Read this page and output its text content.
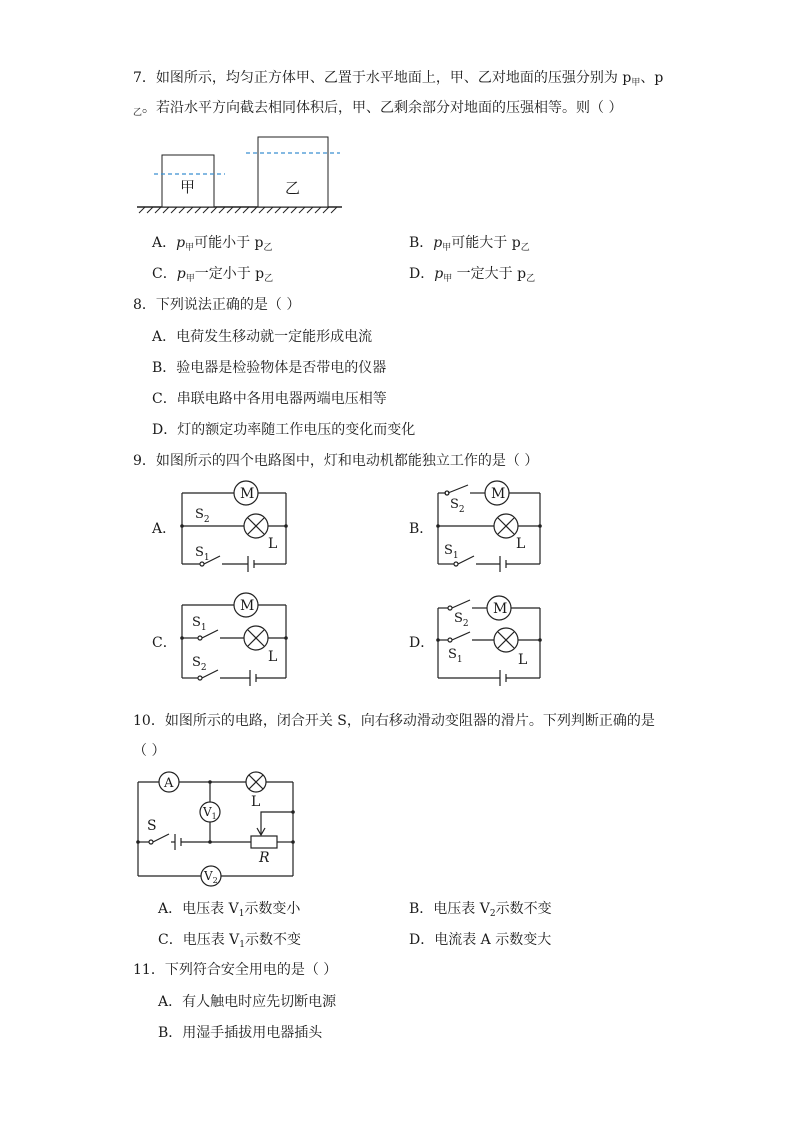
7．如图所示，均匀正方体甲、乙置于水平地面上，甲、乙对地面的压强分别为 $p_甲$、p
$_乙$。若沿水平方向截去相同体积后，甲、乙剩余部分对地面的压强相等。则（ ）
甲	乙
A．$p_甲$可能小于 $p_乙$	B．$p_甲$可能大于 $p_乙$
C．$p_甲$一定小于 $p_乙$	D．$p_甲$ 一定大于 $p_乙$
8．下列说法正确的是（ ）
A．电荷发生移动就一定能形成电流
B．验电器是检验物体是否带电的仪器
C．串联电路中各用电器两端电压相等
D．灯的额定功率随工作电压的变化而变化
9．如图所示的四个电路图中，灯和电动机都能独立工作的是（ ）
A．
M
L
$S_2$
$S_1$
B．
M
L
$S_2$
$S_1$
C．
M
L
$S_1$
$S_2$
D．
M
L
$S_2$
$S_1$
10．如图所示的电路，闭合开关 S，向右移动滑动变阻器的滑片。下列判断正确的是
（ ）
A
$V_1$
$V_2$
L
S
R
A．电压表 $V_1$示数变小	B．电压表 $V_2$示数不变
C．电压表 $V_1$示数不变	D．电流表 A 示数变大
11．下列符合安全用电的是（ ）
A．有人触电时应先切断电源
B．用湿手插拔用电器插头
